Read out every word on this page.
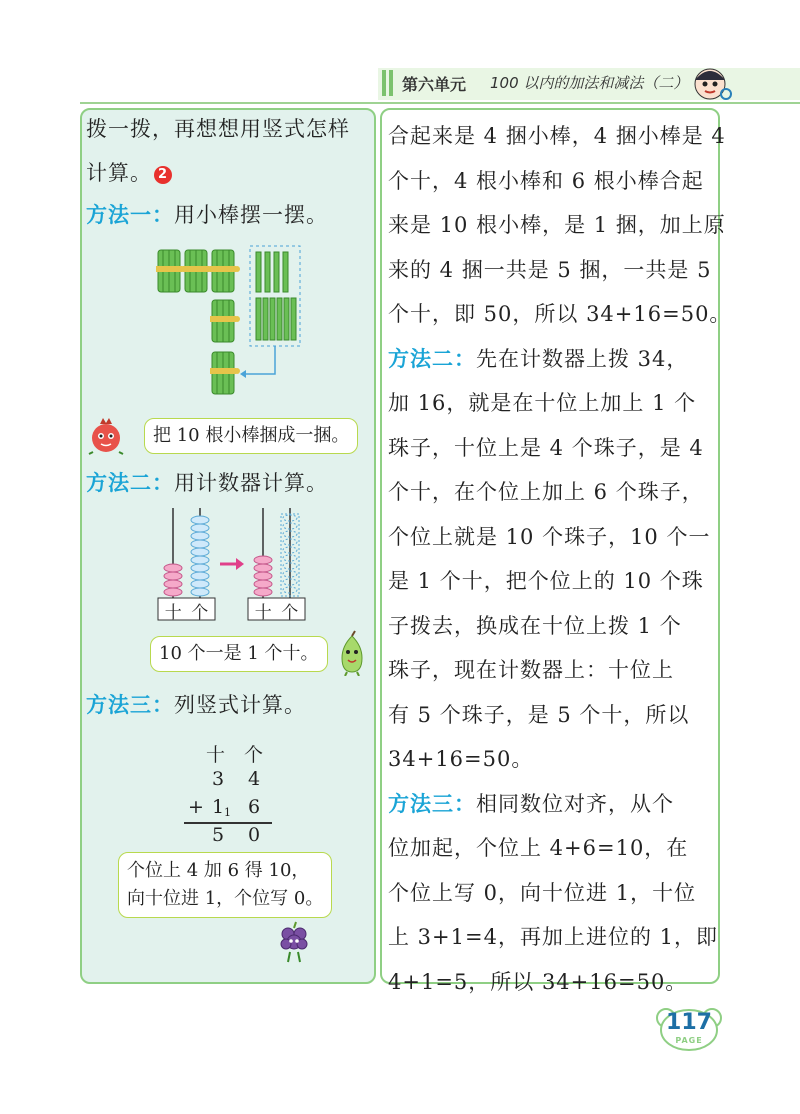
第六单元 100 以内的加法和减法（二）
拨一拨，再想想用竖式怎样
计算。 2
方法一：用小棒摆一摆。
把 10 根小棒捆成一捆。
方法二：用计数器计算。
十 个	十 个
10 个一是 1 个十。
方法三：列竖式计算。
十 个
3 4
+ 1 1 6
5 0
个位上 4 加 6 得 10，
向十位进 1，个位写 0。
合起来是 4 捆小棒，4 捆小棒是 4
个十，4 根小棒和 6 根小棒合起
来是 10 根小棒，是 1 捆，加上原
来的 4 捆一共是 5 捆，一共是 5
个十，即 50，所以 34+16=50。
方法二：先在计数器上拨 34，
加 16，就是在十位上加上 1 个
珠子，十位上是 4 个珠子，是 4
个十，在个位上加上 6 个珠子，
个位上就是 10 个珠子，10 个一
是 1 个十，把个位上的 10 个珠
子拨去，换成在十位上拨 1 个
珠子，现在计数器上：十位上
有 5 个珠子，是 5 个十，所以
34+16=50。
方法三：相同数位对齐，从个
位加起，个位上 4+6=10，在
个位上写 0，向十位进 1，十位
上 3+1=4，再加上进位的 1，即
4+1=5，所以 34+16=50。
117
PAGE
